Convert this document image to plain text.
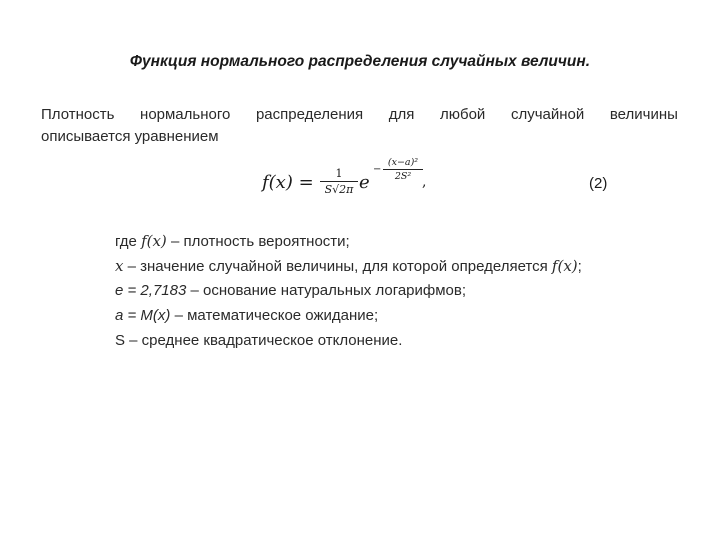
Функция нормального распределения случайных величин.
Плотность нормального распределения для любой случайной величины
описывается уравнением
f(x) =	1
S√2π e
−
(x−a)²
2S² ,	(2)
где f(x) – плотность вероятности;
x – значение случайной величины, для которой определяется f(x);
е = 2,7183 – основание натуральных логарифмов;
а = М(х) – математическое ожидание;
S – среднее квадратическое отклонение.
